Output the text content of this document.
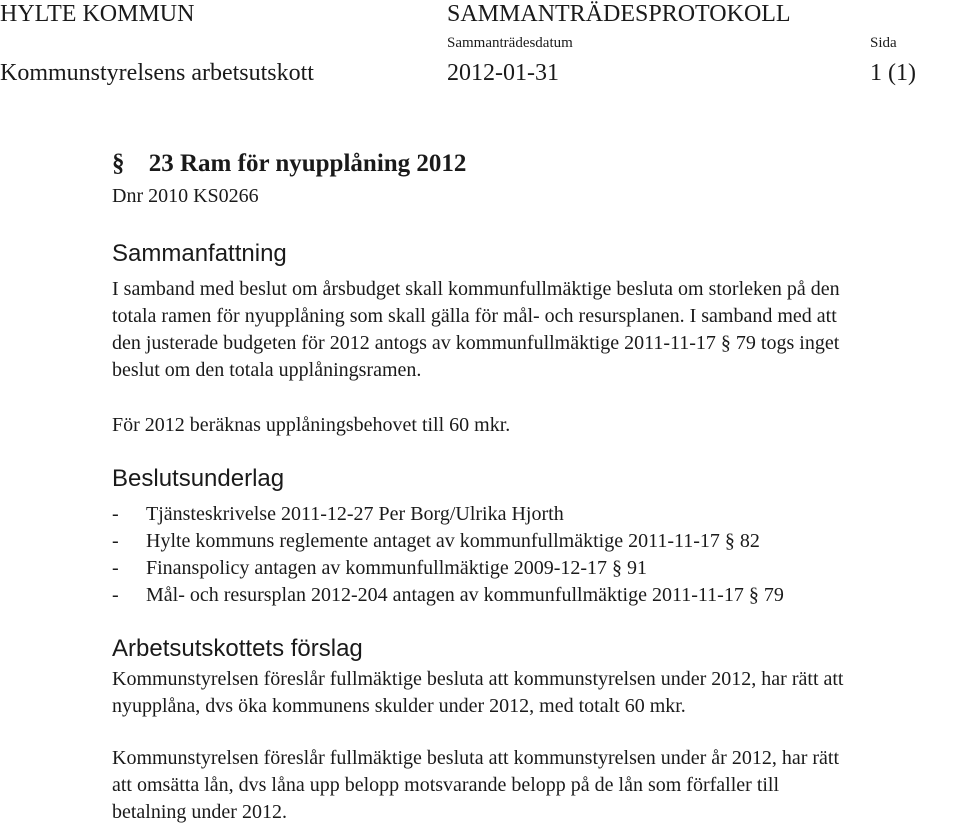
HYLTE KOMMUN	SAMMANTRÄDESPROTOKOLL
Sammanträdesdatum	Sida
Kommunstyrelsens arbetsutskott	2012-01-31	1 (1)
§ 23 Ram för nyupplåning 2012
Dnr 2010 KS0266
Sammanfattning

I samband med beslut om årsbudget skall kommunfullmäktige besluta om storleken på den

totala ramen för nyupplåning som skall gälla för mål- och resursplanen. I samband med att

den justerade budgeten för 2012 antogs av kommunfullmäktige 2011-11-17 § 79 togs inget

beslut om den totala upplåningsramen.

För 2012 beräknas upplåningsbehovet till 60 mkr.
Beslutsunderlag
- Tjänsteskrivelse 2011-12-27 Per Borg/Ulrika Hjorth
- Hylte kommuns reglemente antaget av kommunfullmäktige 2011-11-17 § 82
- Finanspolicy antagen av kommunfullmäktige 2009-12-17 § 91
- Mål- och resursplan 2012-204 antagen av kommunfullmäktige 2011-11-17 § 79
Arbetsutskottets förslag

Kommunstyrelsen föreslår fullmäktige besluta att kommunstyrelsen under 2012, har rätt att

nyupplåna, dvs öka kommunens skulder under 2012, med totalt 60 mkr.

Kommunstyrelsen föreslår fullmäktige besluta att kommunstyrelsen under år 2012, har rätt

att omsätta lån, dvs låna upp belopp motsvarande belopp på de lån som förfaller till

betalning under 2012.
